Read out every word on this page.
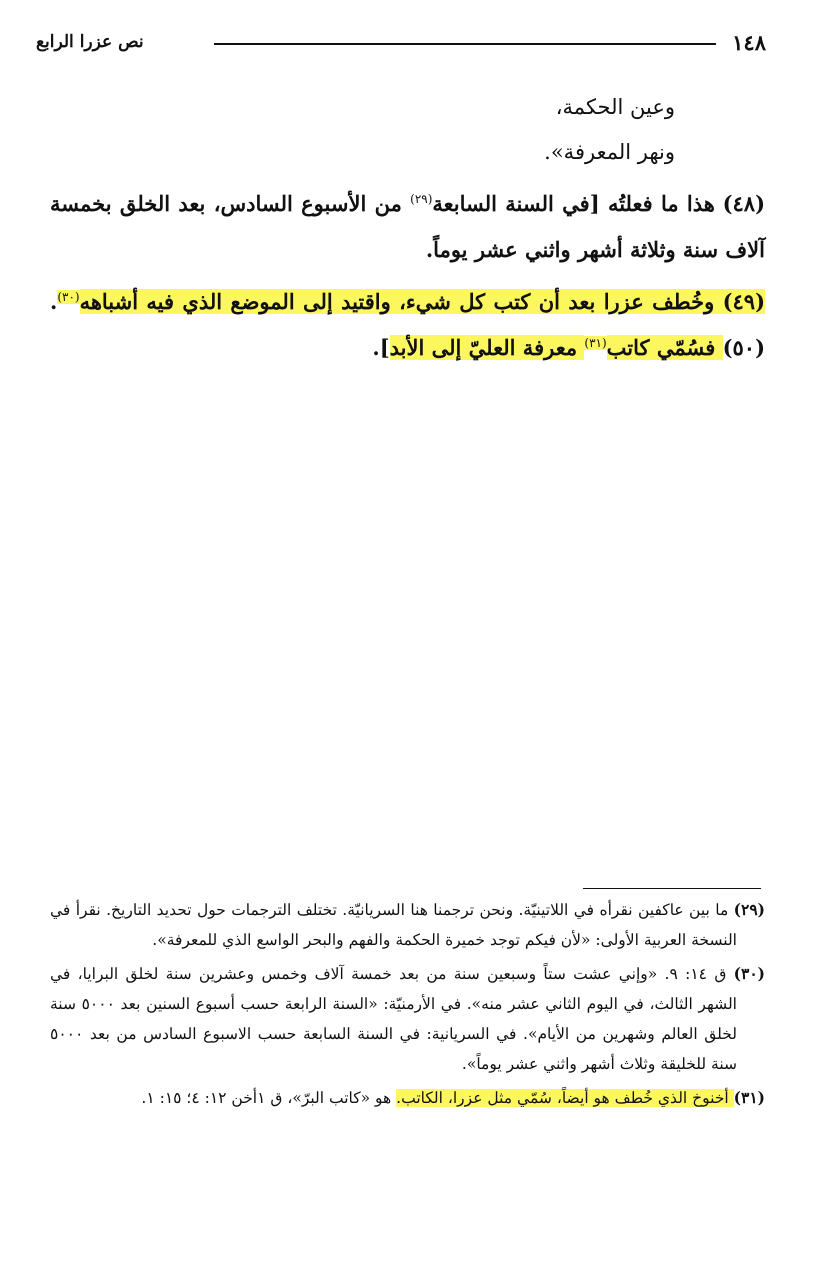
١٤٨
نص عزرا الرابع

وعين الحكمة،

ونهر المعرفة».

(٤٨) هذا ما فعلتُه [في السنة السابعة$^{(٢٩)}$ من الأسبوع السادس، بعد الخلق بخمسة آلاف سنة وثلاثة أشهر واثني عشر يوماً.

(٤٩) وخُطف عزرا بعد أن كتب كل شيء، واقتيد إلى الموضع الذي فيه أشباهه$^{(٣٠)}$. (٥٠) فسُمّي كاتب$^{(٣١)}$ معرفة العليّ إلى الأبد].

(٢٩) ما بين عاكفين نقرأه في اللاتينيّة. ونحن ترجمنا هنا السريانيّة. تختلف الترجمات حول تحديد التاريخ. نقرأ في النسخة العربية الأولى: «لأن فيكم توجد خميرة الحكمة والفهم والبحر الواسع الذي للمعرفة».

(٣٠) ق ١٤: ٩. «وإني عشت ستاً وسبعين سنة من بعد خمسة آلاف وخمس وعشرين سنة لخلق البرايا، في الشهر الثالث، في اليوم الثاني عشر منه». في الأرمنيّة: «السنة الرابعة حسب أسبوع السنين بعد ٥٠٠٠ سنة لخلق العالم وشهرين من الأيام». في السريانية: في السنة السابعة حسب الاسبوع السادس من بعد ٥٠٠٠ سنة للخليقة وثلاث أشهر واثني عشر يوماً».

(٣١) أخنوخ الذي خُطف هو أيضاً، سُمّي مثل عزرا، الكاتب. هو «كاتب البرّ»، ق ١أخن ١٢: ٤؛ ١٥: ١.
